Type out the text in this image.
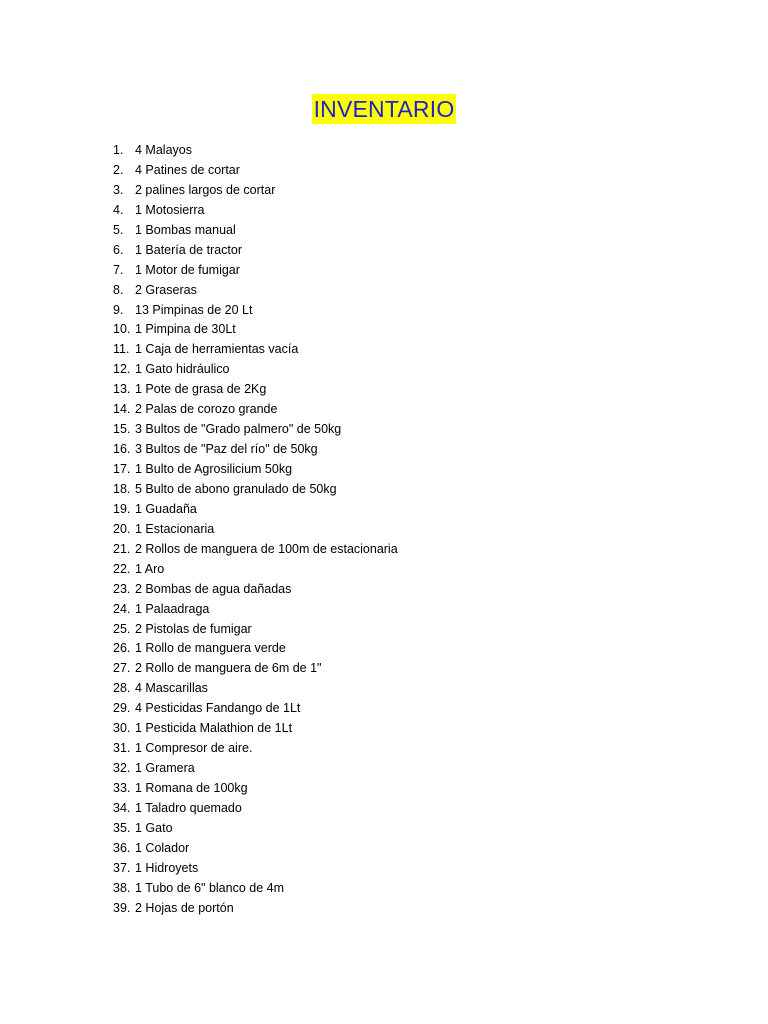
INVENTARIO
1. 4 Malayos
2. 4 Patines de cortar
3. 2 palines largos de cortar
4. 1 Motosierra
5. 1 Bombas manual
6. 1 Batería de tractor
7. 1 Motor de fumigar
8. 2 Graseras
9. 13 Pimpinas de 20 Lt
10. 1 Pimpina de 30Lt
11. 1 Caja de herramientas vacía
12. 1 Gato hidráulico
13. 1 Pote de grasa de 2Kg
14. 2 Palas de corozo grande
15. 3 Bultos de "Grado palmero" de 50kg
16. 3 Bultos de "Paz del río" de 50kg
17. 1 Bulto de Agrosilicium 50kg
18. 5 Bulto de abono granulado de 50kg
19. 1 Guadaña
20. 1 Estacionaria
21. 2 Rollos de manguera de 100m de estacionaria
22. 1 Aro
23. 2 Bombas de agua dañadas
24. 1 Palaadraga
25. 2 Pistolas de fumigar
26. 1 Rollo de manguera verde
27. 2 Rollo de manguera de 6m de 1"
28. 4 Mascarillas
29. 4 Pesticidas Fandango de 1Lt
30. 1 Pesticida Malathion de 1Lt
31. 1 Compresor de aire.
32. 1 Gramera
33. 1 Romana de 100kg
34. 1 Taladro quemado
35. 1 Gato
36. 1 Colador
37. 1 Hidroyets
38. 1 Tubo de 6" blanco de 4m
39. 2 Hojas de portón
